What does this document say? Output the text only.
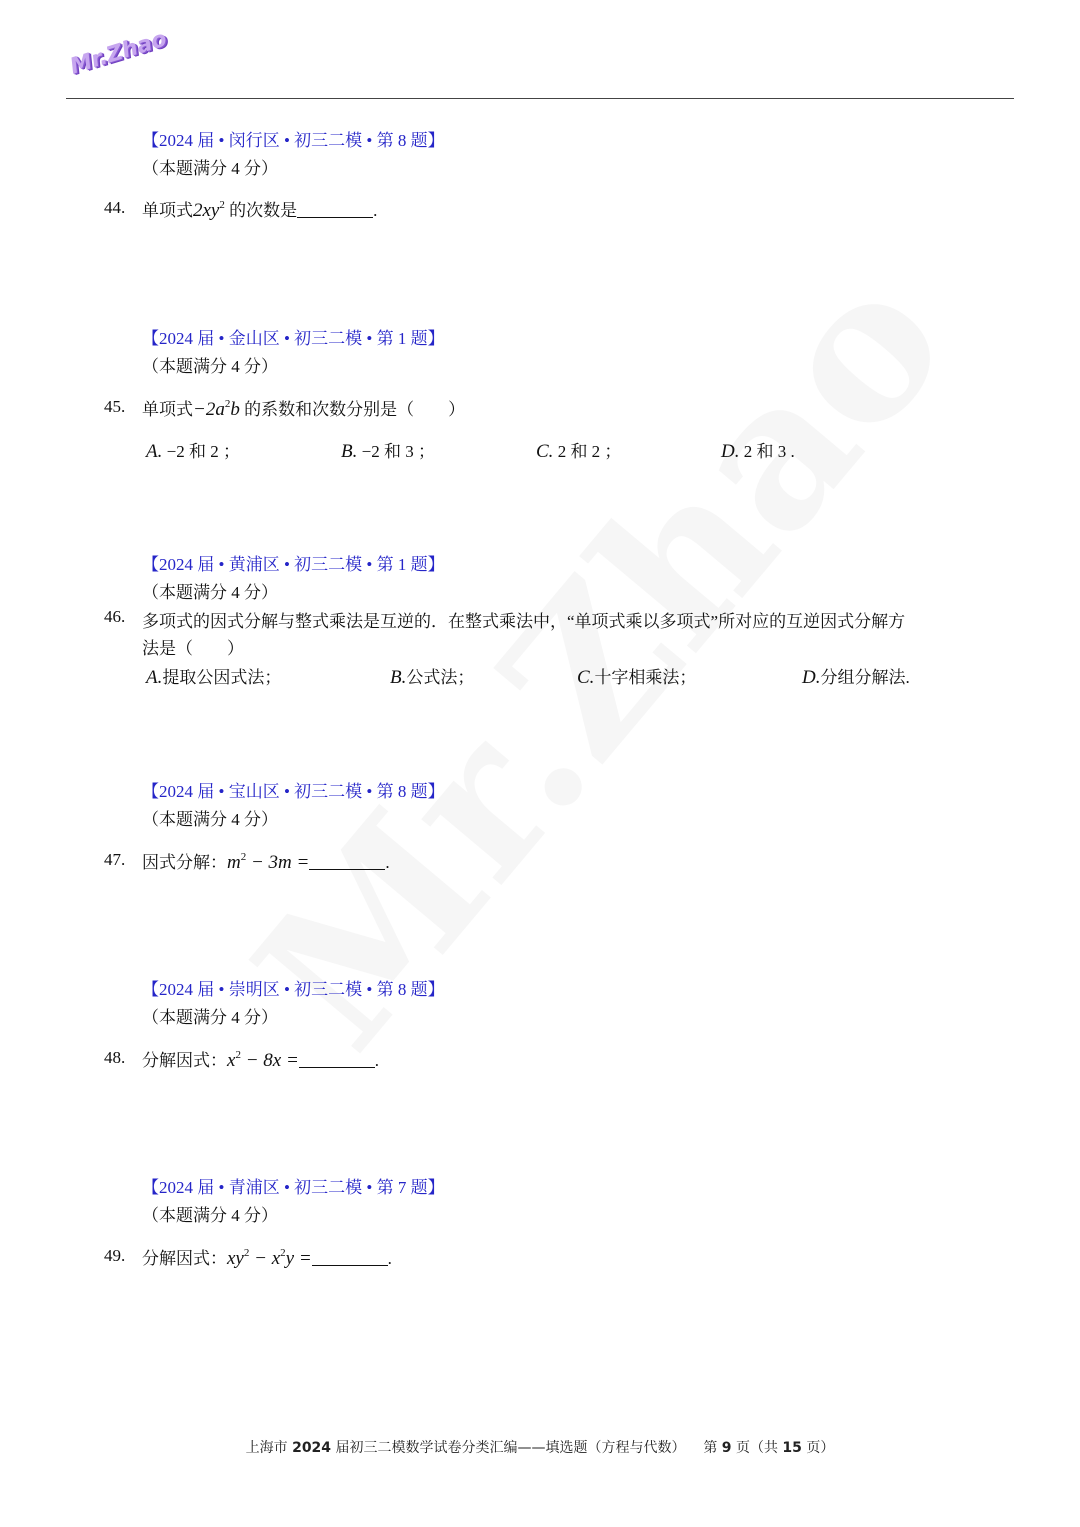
Mr.Zhao
【2024 届 • 闵行区 • 初三二模 • 第 8 题】
（本题满分 4 分）
44. 单项式$2xy^2$ 的次数是	.
【2024 届 • 金山区 • 初三二模 • 第 1 题】
（本题满分 4 分）
45. 单项式$-2a^2b$ 的系数和次数分别是（　　）
A. −2 和 2 ；	B. −2 和 3 ；	C. 2 和 2 ；	D. 2 和 3 .
【2024 届 • 黄浦区 • 初三二模 • 第 1 题】
（本题满分 4 分）
46. 多项式的因式分解与整式乘法是互逆的．在整式乘法中，“单项式乘以多项式”所对应的互逆因式分解方
法是（　　）
A.提取公因式法；	B.公式法；	C.十字相乘法；	D.分组分解法.
【2024 届 • 宝山区 • 初三二模 • 第 8 题】
（本题满分 4 分）
47. 因式分解：$m^2 - 3m$ =	.
【2024 届 • 崇明区 • 初三二模 • 第 8 题】
（本题满分 4 分）
48. 分解因式：$x^2 - 8x$ =	.
【2024 届 • 青浦区 • 初三二模 • 第 7 题】
（本题满分 4 分）
49. 分解因式：$xy^2 - x^2y$ =	.
上海市 2024 届初三二模数学试卷分类汇编——填选题（方程与代数） 第 9 页（共 15 页）
